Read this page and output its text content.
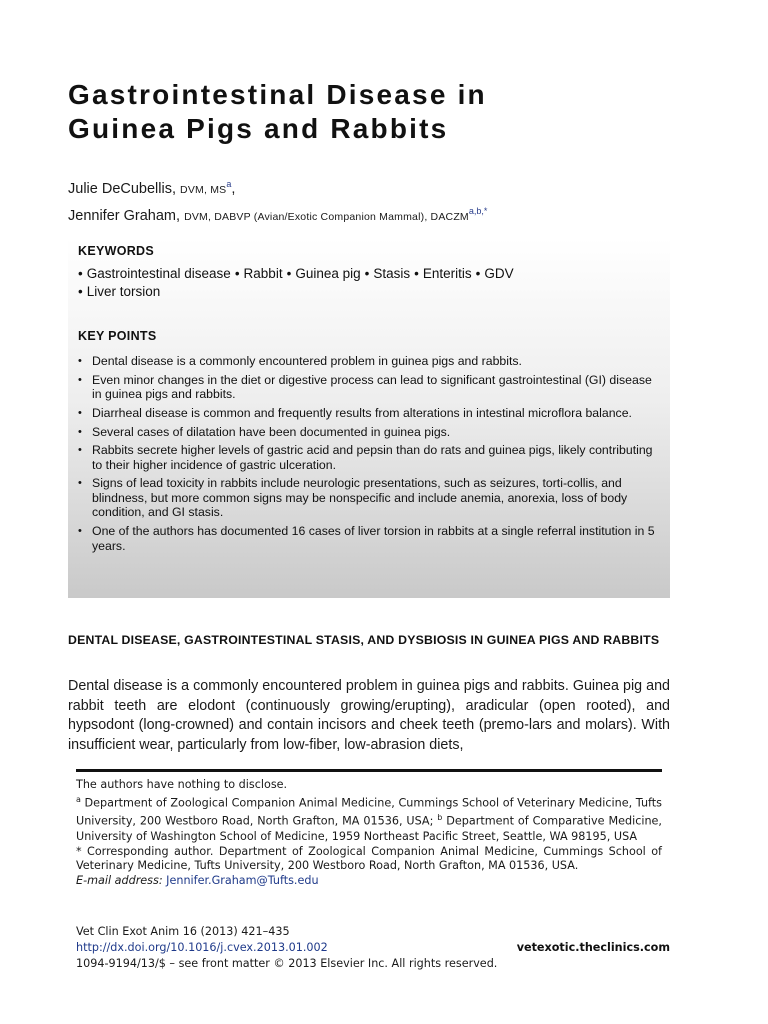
Gastrointestinal Disease in
Guinea Pigs and Rabbits
Julie DeCubellis, DVM, $MS^a$,
Jennifer Graham, DVM, DABVP (Avian/Exotic Companion Mammal), $DACZM^{a,b,*}$
KEYWORDS
• Gastrointestinal disease • Rabbit • Guinea pig • Stasis • Enteritis • GDV
• Liver torsion
KEY POINTS
• Dental disease is a commonly encountered problem in guinea pigs and rabbits.
• Even minor changes in the diet or digestive process can lead to significant gastrointestinal (GI) disease in guinea pigs and rabbits.
• Diarrheal disease is common and frequently results from alterations in intestinal microflora balance.
• Several cases of dilatation have been documented in guinea pigs.
• Rabbits secrete higher levels of gastric acid and pepsin than do rats and guinea pigs, likely contributing to their higher incidence of gastric ulceration.
• Signs of lead toxicity in rabbits include neurologic presentations, such as seizures, torti-collis, and blindness, but more common signs may be nonspecific and include anemia, anorexia, loss of body condition, and GI stasis.
• One of the authors has documented 16 cases of liver torsion in rabbits at a single referral institution in 5 years.
DENTAL DISEASE, GASTROINTESTINAL STASIS, AND DYSBIOSIS IN GUINEA PIGS AND RABBITS
Dental disease is a commonly encountered problem in guinea pigs and rabbits. Guinea pig and rabbit teeth are elodont (continuously growing/erupting), aradicular (open rooted), and hypsodont (long-crowned) and contain incisors and cheek teeth (premo-lars and molars). With insufficient wear, particularly from low-fiber, low-abrasion diets,

The authors have nothing to disclose.

$^a$ Department of Zoological Companion Animal Medicine, Cummings School of Veterinary Medicine, Tufts University, 200 Westboro Road, North Grafton, MA 01536, USA; $^b$ Department of Comparative Medicine, University of Washington School of Medicine, 1959 Northeast Pacific Street, Seattle, WA 98195, USA

* Corresponding author. Department of Zoological Companion Animal Medicine, Cummings School of Veterinary Medicine, Tufts University, 200 Westboro Road, North Grafton, MA 01536, USA.

E-mail address: Jennifer.Graham@Tufts.edu

Vet Clin Exot Anim 16 (2013) 421–435
http://dx.doi.org/10.1016/j.cvex.2013.01.002	vetexotic.theclinics.com
1094-9194/13/$ – see front matter © 2013 Elsevier Inc. All rights reserved.
